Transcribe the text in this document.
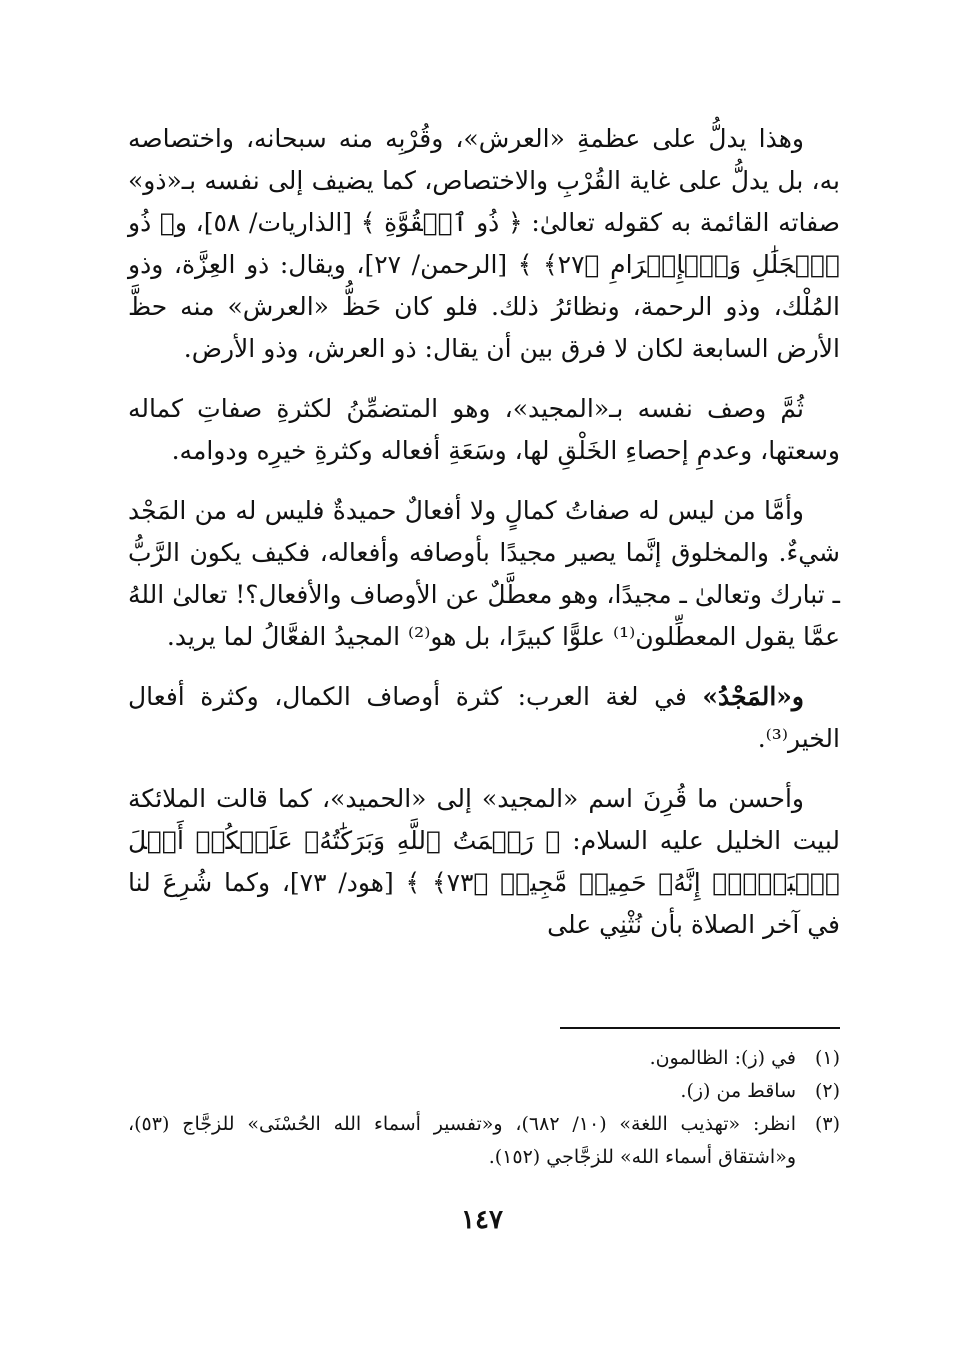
وهذا يدلُّ على عظمةِ «العرش»، وقُرْبِه منه سبحانه، واختصاصه به، بل يدلُّ على غاية القُرْبِ والاختصاص، كما يضيف إلى نفسه بـ«ذو» صفاته القائمة به كقوله تعالىٰ: ﴿ ذُو ٱلۡقُوَّةِ ﴾ [الذاريات/ ٥٨]، و﴿ ذُو ٱلۡجَلَٰلِ وَٱلۡإِكۡرَامِ ﴿٢٧﴾ ﴾ [الرحمن/ ٢٧]، ويقال: ذو العِزَّة، وذو المُلْك، وذو الرحمة، ونظائرُ ذلك. فلو كان حَظُّ «العرش» منه حظَّ الأرض السابعة لكان لا فرق بين أن يقال: ذو العرش، وذو الأرض.

ثُمَّ وصف نفسه بـ«المجيد»، وهو المتضمِّنُ لكثرةِ صفاتِ كماله وسعتها، وعدمِ إحصاءِ الخَلْقِ لها، وسَعَةِ أفعاله وكثرةِ خيرِه ودوامه.

وأمَّا من ليس له صفاتُ كمالٍ ولا أفعالٌ حميدةٌ فليس له من المَجْد شيءٌ. والمخلوق إنَّما يصير مجيدًا بأوصافه وأفعاله، فكيف يكون الرَّبُّ ـ تبارك وتعالىٰ ـ مجيدًا، وهو معطَّلٌ عن الأوصاف والأفعال؟! تعالىٰ اللهُ عمَّا يقول المعطِّلون⁽¹⁾ علوًّا كبيرًا، بل هو⁽²⁾ المجيدُ الفعَّالُ لما يريد.

و«المَجْدُ» في لغة العرب: كثرة أوصاف الكمال، وكثرة أفعال الخير⁽³⁾.

وأحسن ما قُرِنَ اسم «المجيد» إلى «الحميد»، كما قالت الملائكة لبيت الخليل عليه السلام: ﴿ رَحۡمَتُ ٱللَّهِ وَبَرَكَٰتُهُۥ عَلَيۡكُمۡ أَهۡلَ ٱلۡبَيۡتِۚ إِنَّهُۥ حَمِيدٞ مَّجِيدٞ ﴿٧٣﴾ ﴾ [هود/ ٧٣]، وكما شُرِعَ لنا في آخر الصلاة بأن نُثْنِي على

(١)
في (ز): الظالمون.
(٢)
ساقط من (ز).
(٣)
انظر: «تهذيب اللغة» (١٠/ ٦٨٢)، و«تفسير أسماء الله الحُسْنَى» للزجَّاج (٥٣)، و«اشتقاق أسماء الله» للزجَّاجي (١٥٢).
١٤٧
